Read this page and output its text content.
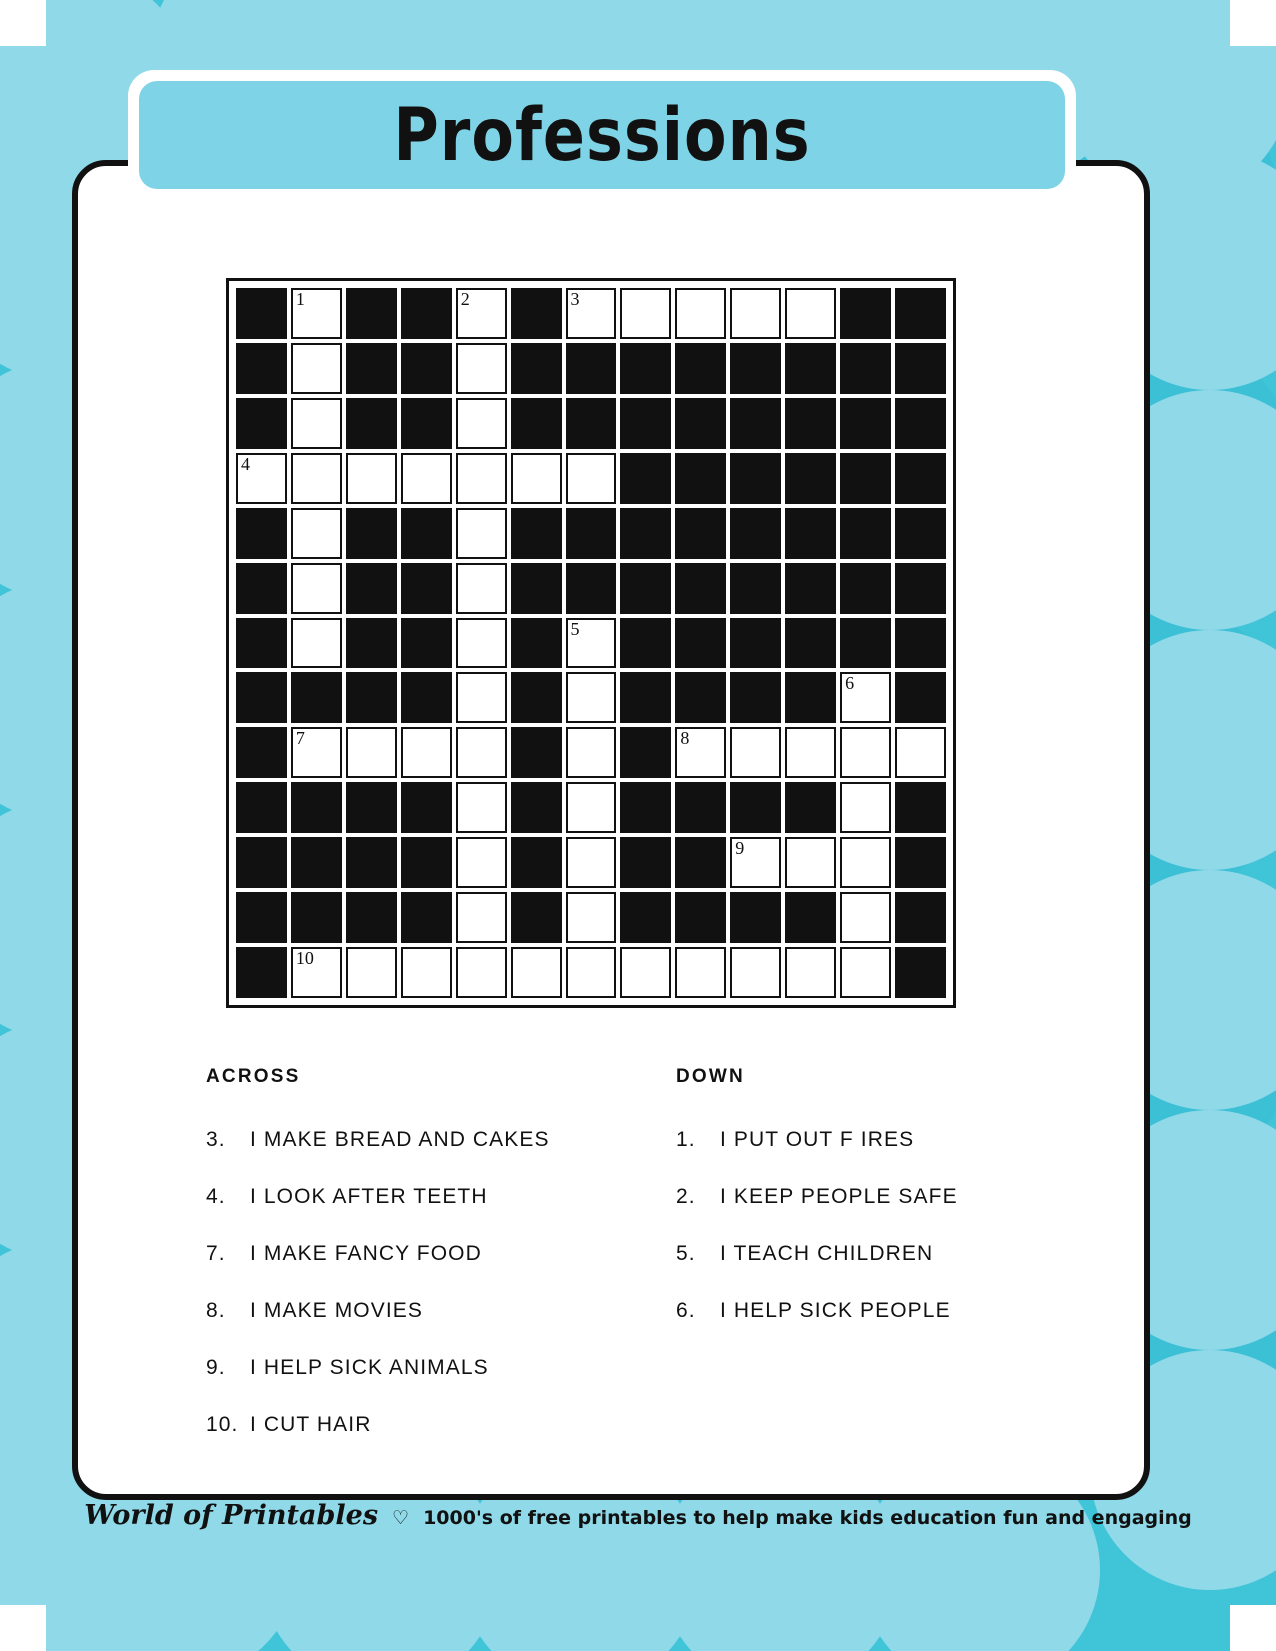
1	2	3
4
5
6
7	8
9
10
ACROSS
3.	I MAKE BREAD AND CAKES
4.	I LOOK AFTER TEETH
7.	I MAKE FANCY FOOD
8.	I MAKE MOVIES
9.	I HELP SICK ANIMALS
10. I CUT HAIR
DOWN
1.	I PUT OUT F IRES
2.	I KEEP PEOPLE SAFE
5.	I TEACH CHILDREN
6.	I HELP SICK PEOPLE
Professions
World of Printables ♡ 1000's of free printables to help make kids education fun and engaging
